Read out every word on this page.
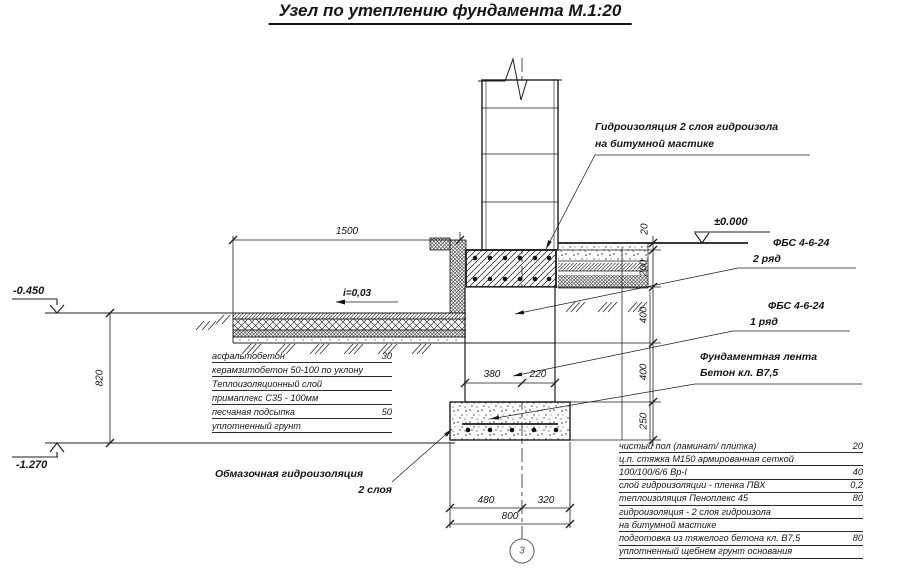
Узел по утеплению фундамента М.1:20
Гидроизоляция 2 слоя гидроизола
на битумной мастике
ФБС 4-6-24
2 ряд
ФБС 4-6-24
1 ряд
Фундаментная лента
Бетон кл. В7,5
Обмазочная гидроизоляция
2 слоя
i=0,03
±0.000
-0.450
-1.270
1500
380	220
480	320
800
20
200
400
400
250
820
3
асфальтобетон	30
керамзитобетон 50-100 по уклону
Теплоизоляционный слой
примаплекс С35 - 100мм
песчаная подсыпка	50
уплотненный грунт
чистый пол (ламинат/ плитка)	20
ц.п. стяжка М150 армированная сеткой
100/100/6/6 Вр-I	40
слой гидроизоляции - пленка ПВХ	0,2
теплоизоляция Пеноплекс 45	80
гидроизоляция - 2 слоя гидроизола
на битумной мастике
подготовка из тяжелого бетона кл. В7,5	80
уплотненный щебнем грунт основания
